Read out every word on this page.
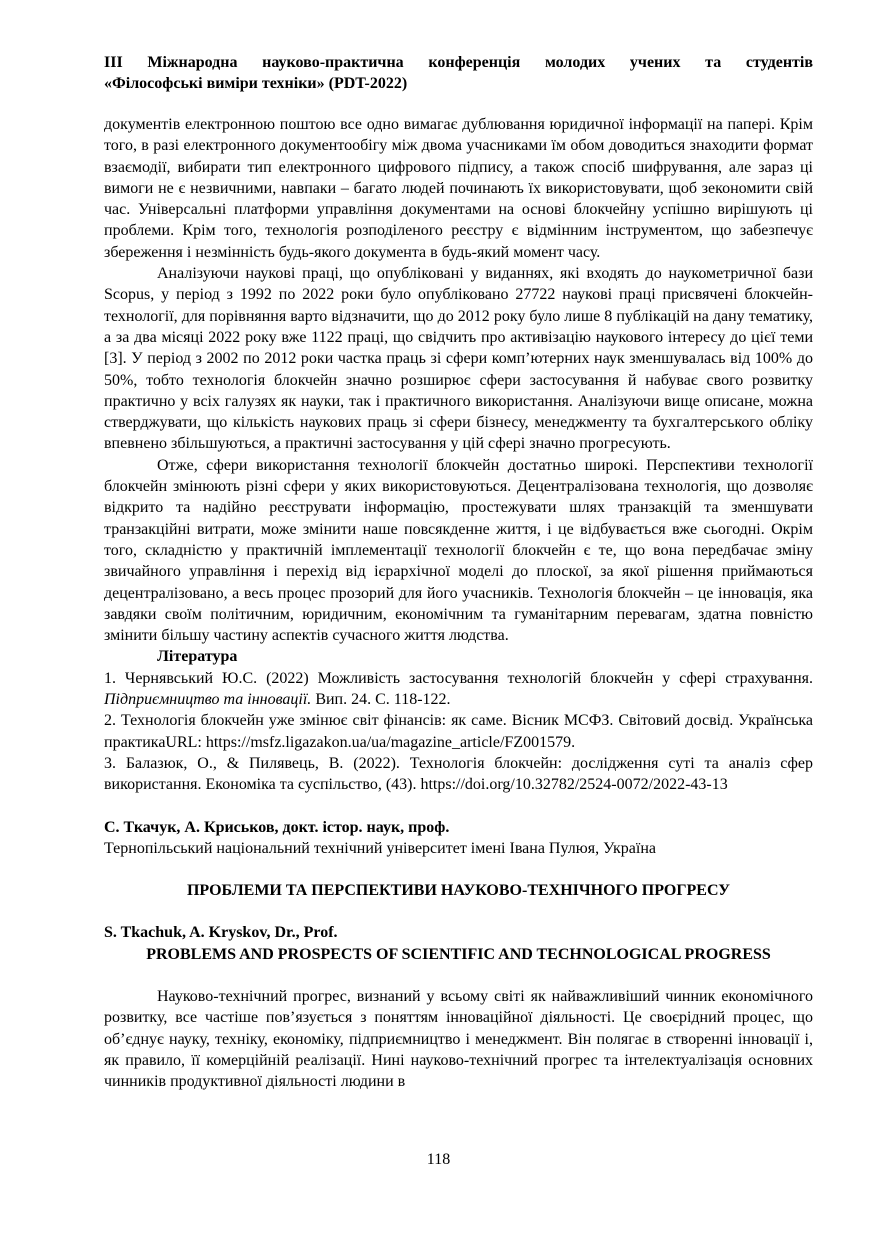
III Міжнародна науково-практична конференція молодих учених та студентів
«Філософські виміри техніки» (PDT-2022)

документів електронною поштою все одно вимагає дублювання юридичної інформації на папері. Крім того, в разі електронного документообігу між двома учасниками їм обом доводиться знаходити формат взаємодії, вибирати тип електронного цифрового підпису, а також спосіб шифрування, але зараз ці вимоги не є незвичними, навпаки – багато людей починають їх використовувати, щоб зекономити свій час. Універсальні платформи управління документами на основі блокчейну успішно вирішують ці проблеми. Крім того, технологія розподіленого реєстру є відмінним інструментом, що забезпечує збереження і незмінність будь-якого документа в будь-який момент часу.

Аналізуючи наукові праці, що опубліковані у виданнях, які входять до наукометричної бази Scopus, у період з 1992 по 2022 роки було опубліковано 27722 наукові праці присвячені блокчейн-технології, для порівняння варто відзначити, що до 2012 року було лише 8 публікацій на дану тематику, а за два місяці 2022 року вже 1122 праці, що свідчить про активізацію наукового інтересу до цієї теми [3]. У період з 2002 по 2012 роки частка праць зі сфери комп’ютерних наук зменшувалась від 100% до 50%, тобто технологія блокчейн значно розширює сфери застосування й набуває свого розвитку практично у всіх галузях як науки, так і практичного використання. Аналізуючи вище описане, можна стверджувати, що кількість наукових праць зі сфери бізнесу, менеджменту та бухгалтерського обліку впевнено збільшуються, а практичні застосування у цій сфері значно прогресують.

Отже, сфери використання технології блокчейн достатньо широкі. Перспективи технології блокчейн змінюють різні сфери у яких використовуються. Децентралізована технологія, що дозволяє відкрито та надійно реєструвати інформацію, простежувати шлях транзакцій та зменшувати транзакційні витрати, може змінити наше повсякденне життя, і це відбувається вже сьогодні. Окрім того, складністю у практичній імплементації технології блокчейн є те, що вона передбачає зміну звичайного управління і перехід від ієрархічної моделі до плоскої, за якої рішення приймаються децентралізовано, а весь процес прозорий для його учасників. Технологія блокчейн – це інновація, яка завдяки своїм політичним, юридичним, економічним та гуманітарним перевагам, здатна повністю змінити більшу частину аспектів сучасного життя людства.

Література

1. Чернявський Ю.С. (2022) Можливість застосування технологій блокчейн у сфері страхування. Підприємництво та інновації. Вип. 24. С. 118-122.

2. Технологія блокчейн уже змінює світ фінансів: як саме. Вісник МСФЗ. Світовий досвід. Українська практикаURL: https://msfz.ligazakon.ua/ua/magazine_article/FZ001579.

3. Балазюк, О., & Пилявець, В. (2022). Технологія блокчейн: дослідження суті та аналіз сфер використання. Економіка та суспільство, (43). https://doi.org/10.32782/2524-0072/2022-43-13

С. Ткачук, А. Криськов, докт. істор. наук, проф.
Тернопільський національний технічний університет імені Івана Пулюя, Україна
ПРОБЛЕМИ ТА ПЕРСПЕКТИВИ НАУКОВО-ТЕХНІЧНОГО ПРОГРЕСУ
S. Tkachuk, A. Kryskov, Dr., Prof.
PROBLEMS AND PROSPECTS OF SCIENTIFIC AND TECHNOLOGICAL PROGRESS

Науково-технічний прогрес, визнаний у всьому світі як найважливіший чинник економічного розвитку, все частіше пов’язується з поняттям інноваційної діяльності. Це своєрідний процес, що об’єднує науку, техніку, економіку, підприємництво і менеджмент. Він полягає в створенні інновації і, як правило, її комерційній реалізації. Нині науково-технічний прогрес та інтелектуалізація основних чинників продуктивної діяльності людини в

118
